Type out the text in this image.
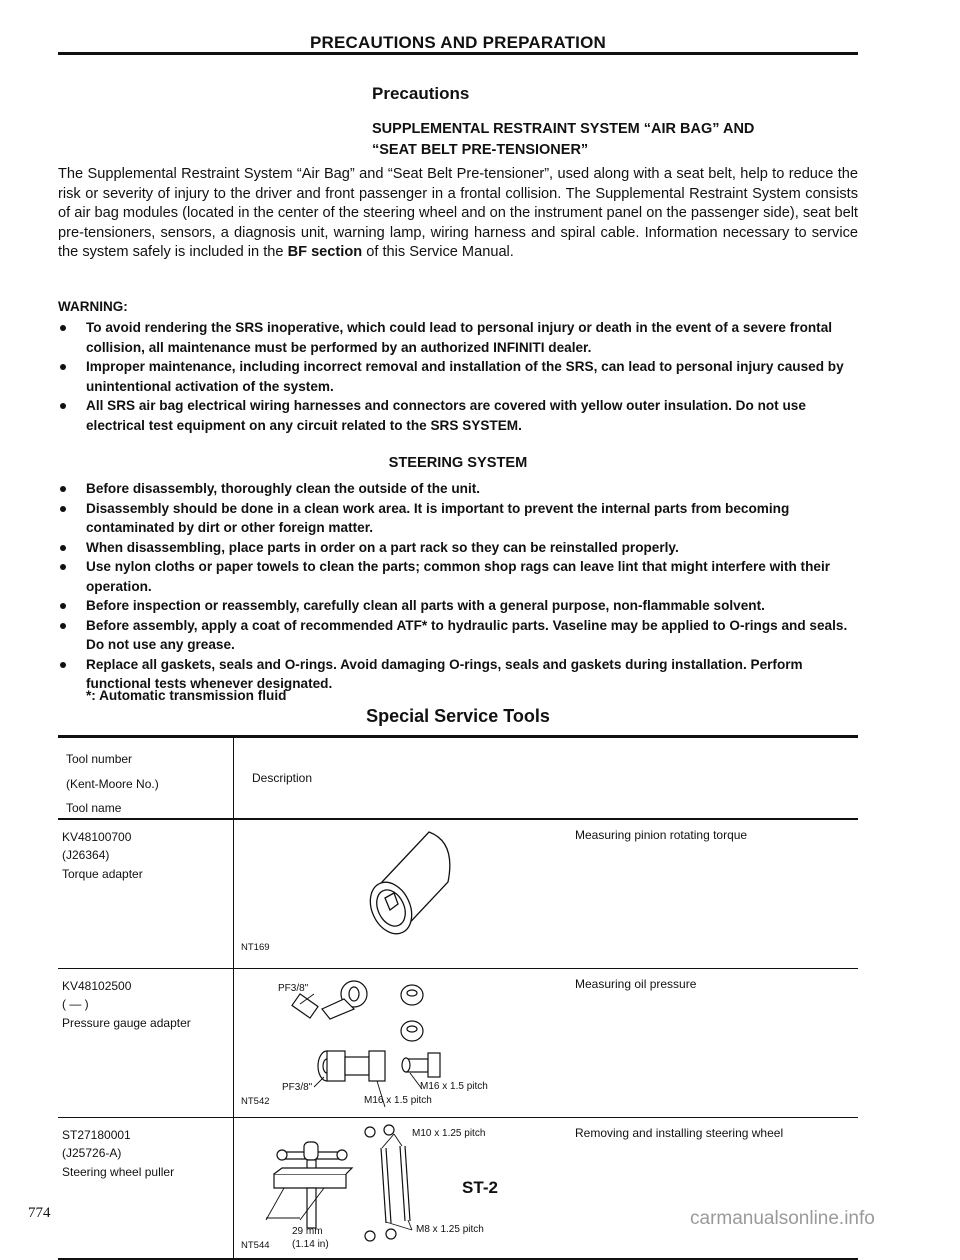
PRECAUTIONS AND PREPARATION
Precautions
SUPPLEMENTAL RESTRAINT SYSTEM “AIR BAG” AND
“SEAT BELT PRE-TENSIONER”
The Supplemental Restraint System “Air Bag” and “Seat Belt Pre-tensioner”, used along with a seat belt, help to reduce the risk or severity of injury to the driver and front passenger in a frontal collision. The Supplemental Restraint System consists of air bag modules (located in the center of the steering wheel and on the instrument panel on the passenger side), seat belt pre-tensioners, sensors, a diagnosis unit, warning lamp, wiring harness and spiral cable. Information necessary to service the system safely is included in the BF section of this Service Manual.
WARNING:
To avoid rendering the SRS inoperative, which could lead to personal injury or death in the event of a severe frontal collision, all maintenance must be performed by an authorized INFINITI dealer.
Improper maintenance, including incorrect removal and installation of the SRS, can lead to personal injury caused by unintentional activation of the system.
All SRS air bag electrical wiring harnesses and connectors are covered with yellow outer insulation. Do not use electrical test equipment on any circuit related to the SRS SYSTEM.
STEERING SYSTEM
Before disassembly, thoroughly clean the outside of the unit.
Disassembly should be done in a clean work area. It is important to prevent the internal parts from becoming contaminated by dirt or other foreign matter.
When disassembling, place parts in order on a part rack so they can be reinstalled properly.
Use nylon cloths or paper towels to clean the parts; common shop rags can leave lint that might interfere with their operation.
Before inspection or reassembly, carefully clean all parts with a general purpose, non-flammable solvent.
Before assembly, apply a coat of recommended ATF* to hydraulic parts. Vaseline may be applied to O-rings and seals. Do not use any grease.
Replace all gaskets, seals and O-rings. Avoid damaging O-rings, seals and gaskets during installation. Perform functional tests whenever designated.
*: Automatic transmission fluid
Special Service Tools
Tool number
(Kent-Moore No.)
Tool name	Description

KV48100700
(J26364)
Torque adapter

NT169
Measuring pinion rotating torque

KV48102500
( — )
Pressure gauge adapter

PF3/8"
PF3/8"	M16 x 1.5 pitch
M16 x 1.5 pitch
NT542
Measuring oil pressure

ST27180001
(J25726-A)
Steering wheel puller

M10 x 1.25 pitch
29 mm
(1.14 in)
M8 x 1.25 pitch
NT544
Removing and installing steering wheel
ST-2
774	carmanualsonline.info
